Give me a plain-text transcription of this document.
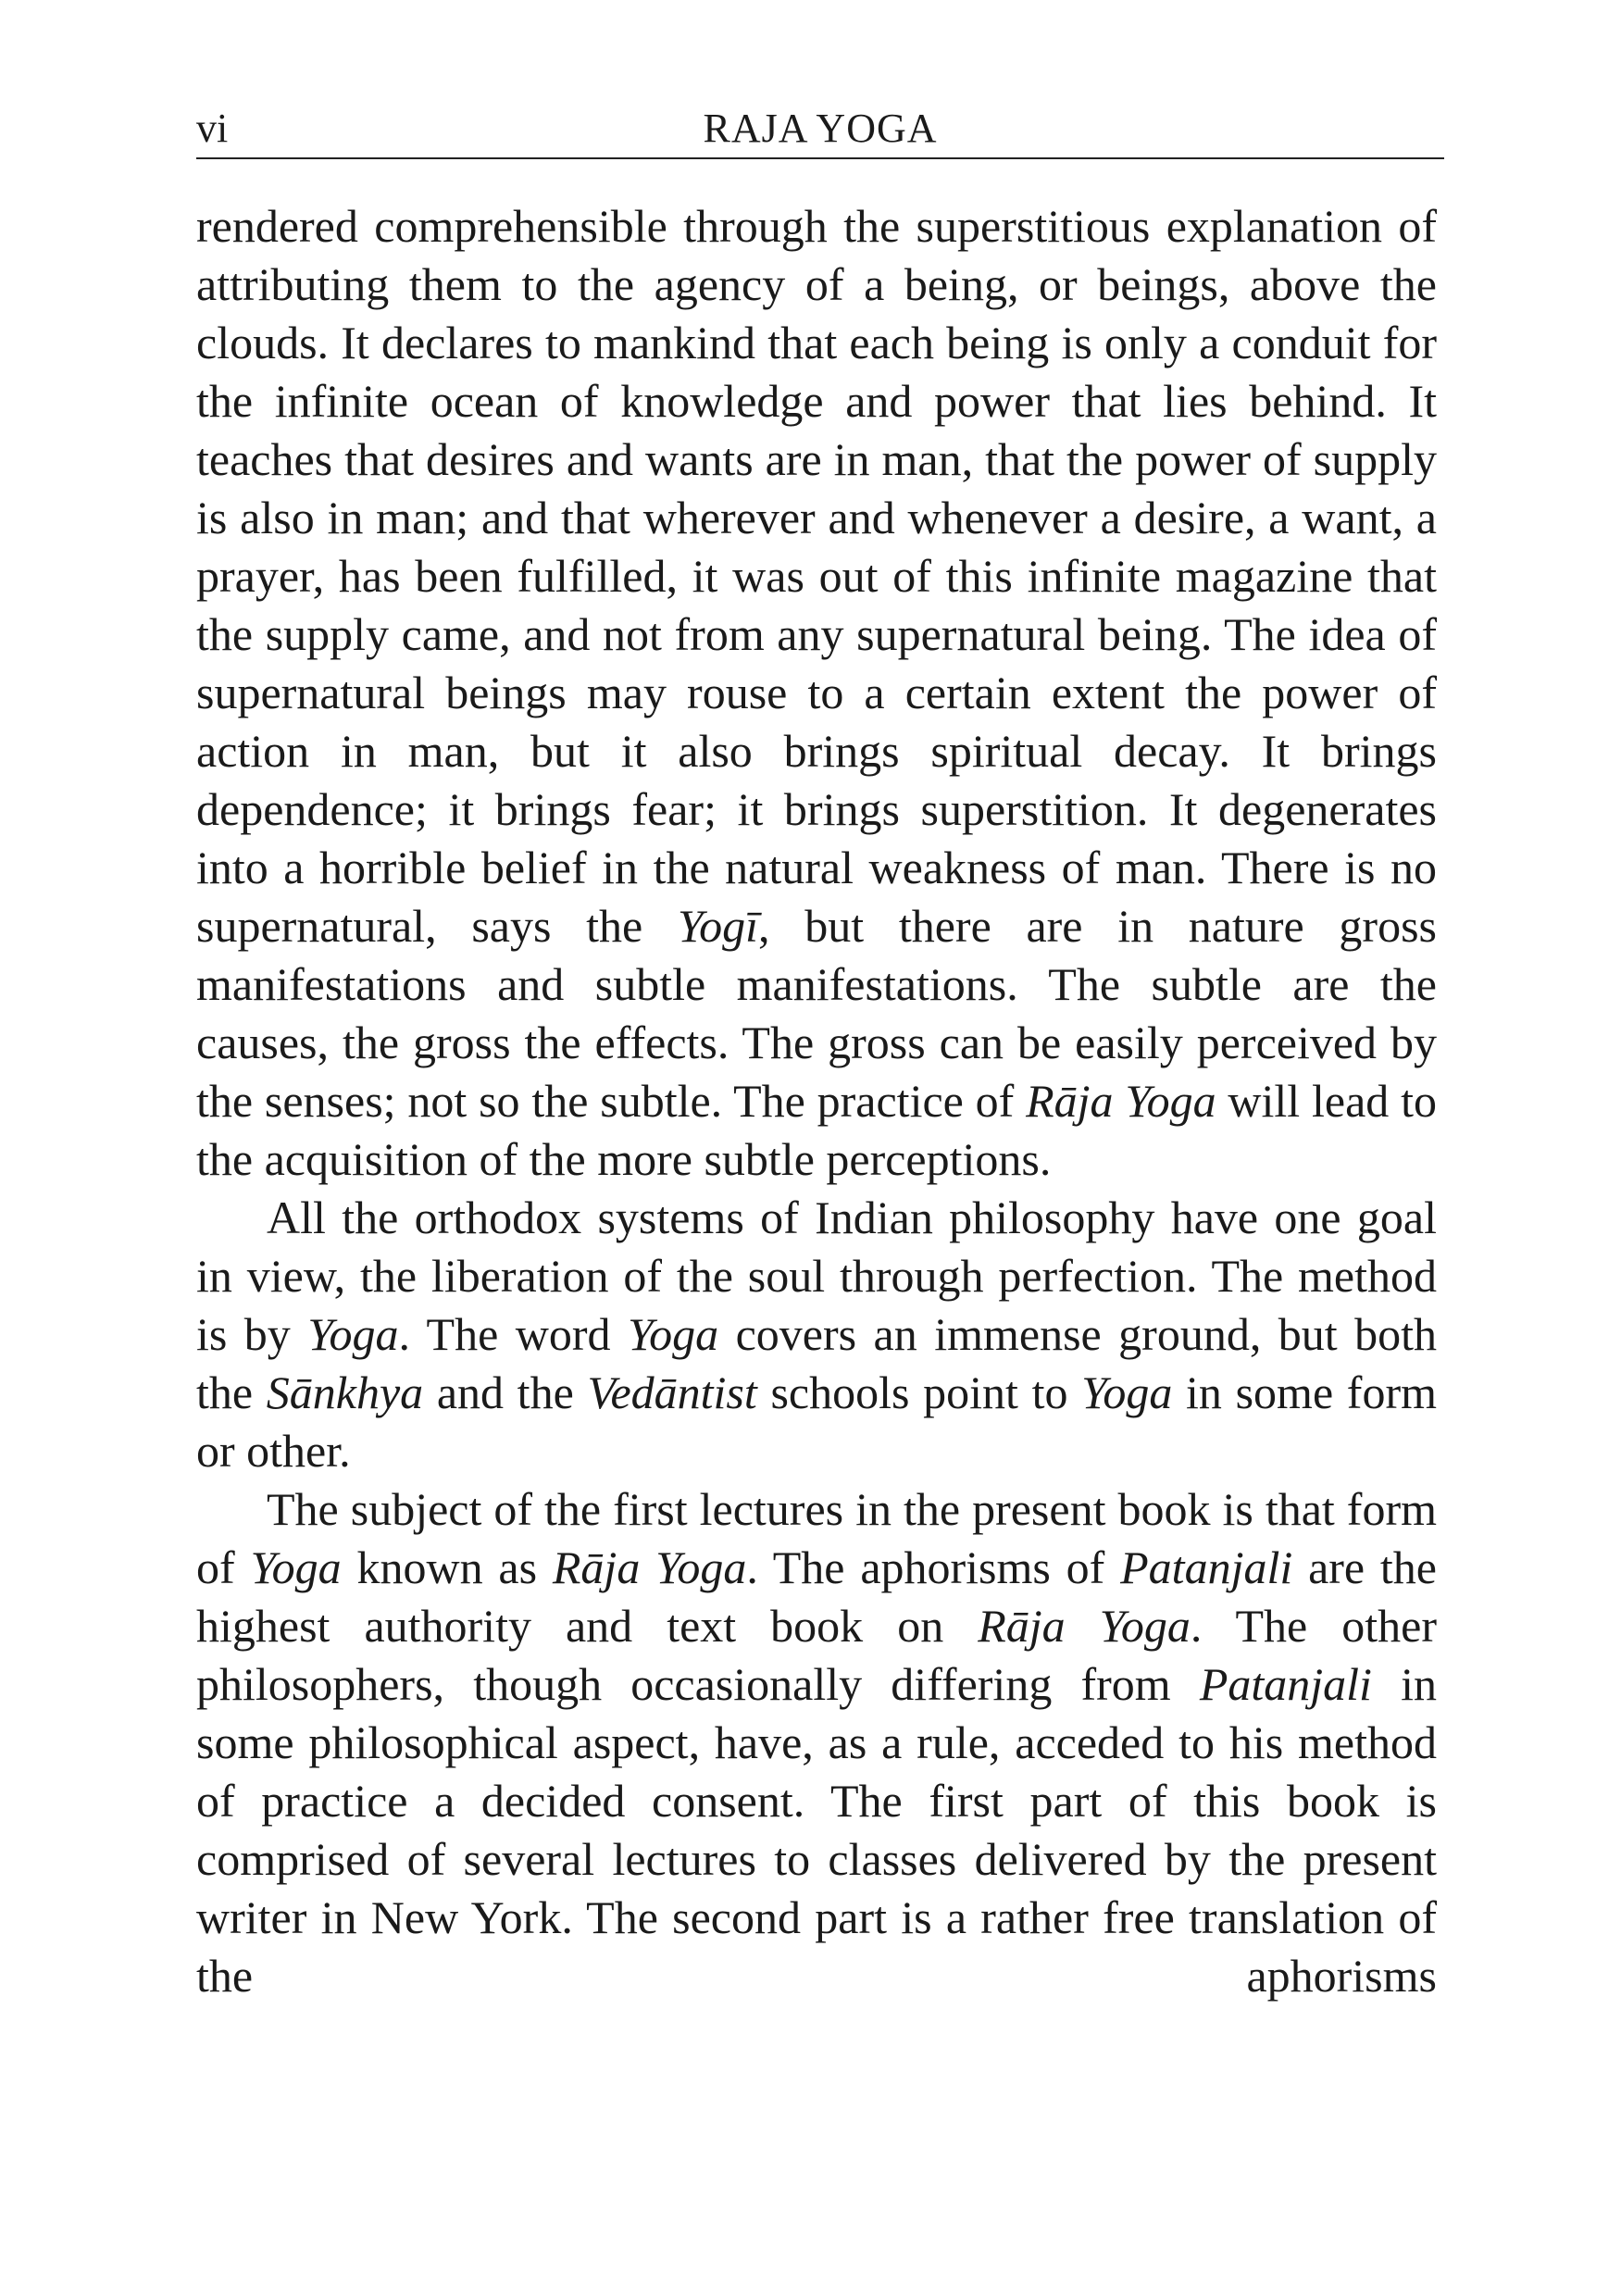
vi	RAJA YOGA

rendered comprehensible through the superstitious explanation of attributing them to the agency of a being, or beings, above the clouds. It declares to mankind that each being is only a conduit for the infinite ocean of knowledge and power that lies behind. It teaches that desires and wants are in man, that the power of supply is also in man; and that wherever and whenever a desire, a want, a prayer, has been fulfilled, it was out of this infinite magazine that the supply came, and not from any supernatural being. The idea of supernatural beings may rouse to a certain extent the power of action in man, but it also brings spiritual decay. It brings dependence; it brings fear; it brings superstition. It degenerates into a horrible belief in the natural weakness of man. There is no supernatural, says the Yogī, but there are in nature gross manifestations and subtle manifestations. The subtle are the causes, the gross the effects. The gross can be easily perceived by the senses; not so the subtle. The practice of Rāja Yoga will lead to the acquisition of the more subtle perceptions.

All the orthodox systems of Indian philosophy have one goal in view, the liberation of the soul through perfection. The method is by Yoga. The word Yoga covers an immense ground, but both the Sānkhya and the Vedāntist schools point to Yoga in some form or other.

The subject of the first lectures in the present book is that form of Yoga known as Rāja Yoga. The aphorisms of Patanjali are the highest authority and text book on Rāja Yoga. The other philosophers, though occasionally differing from Patanjali in some philosophical aspect, have, as a rule, acceded to his method of practice a decided consent. The first part of this book is comprised of several lectures to classes delivered by the present writer in New York. The second part is a rather free translation of the aphorisms
